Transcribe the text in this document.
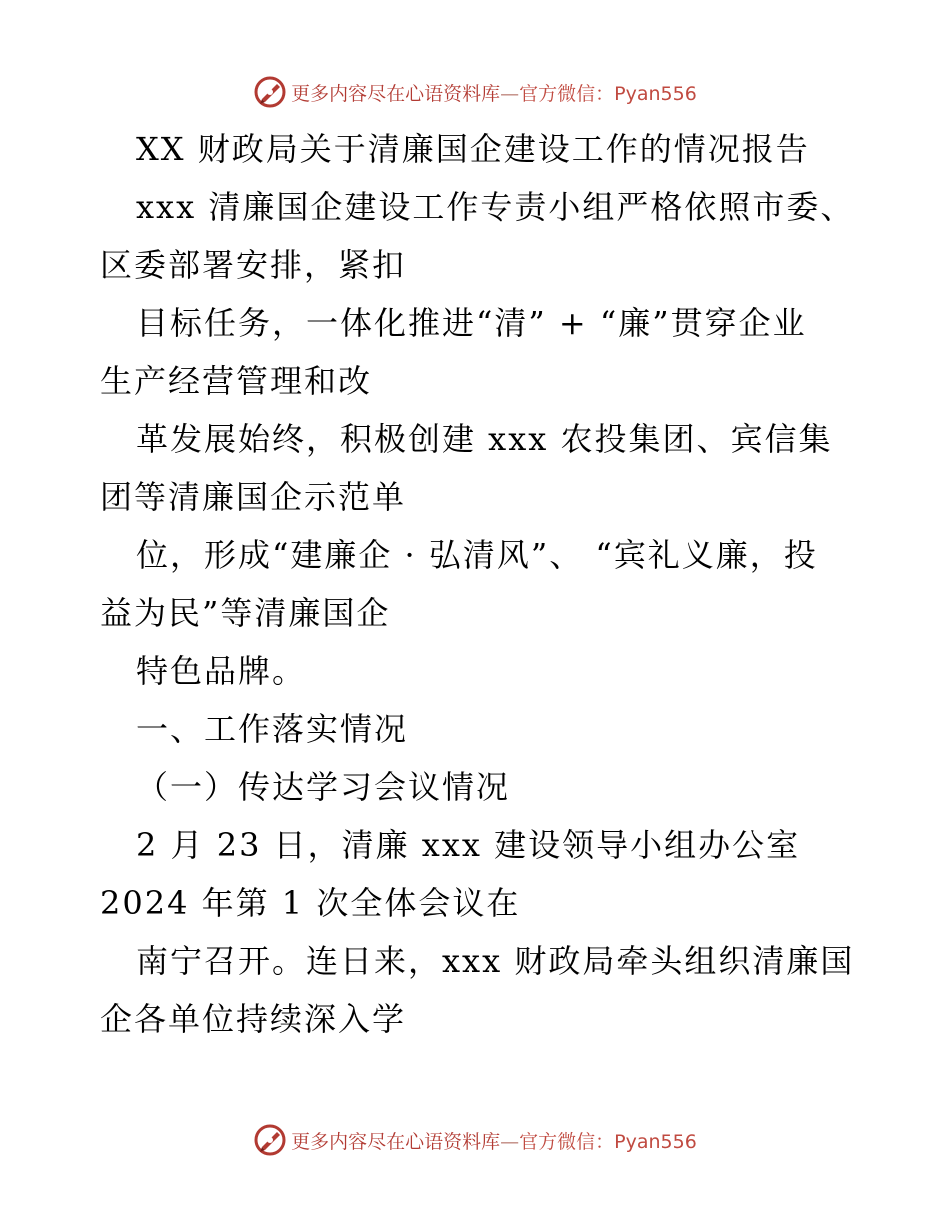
更多内容尽在心语资料库—官方微信：Pyan556
XX 财政局关于清廉国企建设工作的情况报告
xxx 清廉国企建设工作专责小组严格依照市委、
区委部署安排，紧扣
目标任务，一体化推进“清” + “廉”贯穿企业
生产经营管理和改
革发展始终，积极创建 xxx 农投集团、宾信集
团等清廉国企示范单
位，形成“建廉企 · 弘清风”、 “宾礼义廉，投
益为民”等清廉国企
特色品牌。
一、工作落实情况
（一）传达学习会议情况
2 月 23 日，清廉 xxx 建设领导小组办公室
2024 年第 1 次全体会议在
南宁召开。连日来，xxx 财政局牵头组织清廉国
企各单位持续深入学
更多内容尽在心语资料库—官方微信：Pyan556
